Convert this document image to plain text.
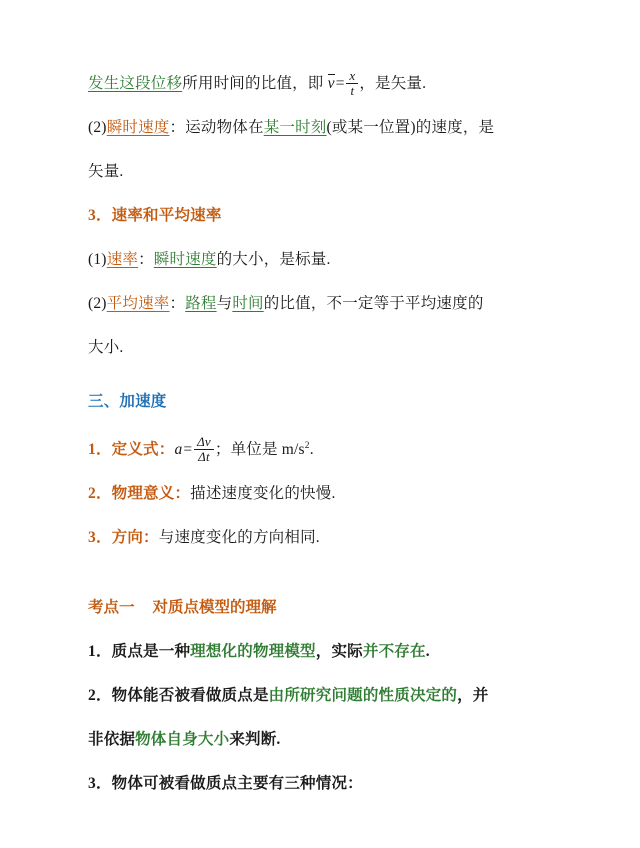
发生这段位移所用时间的比值，即 $v= \frac{x}{t}$ ，是矢量.
(2)瞬时速度：运动物体在某一时刻(或某一位置)的速度，是
矢量.
3．速率和平均速率
(1)速率：瞬时速度的大小，是标量.
(2)平均速率：路程与时间的比值，不一定等于平均速度的
大小.
三、加速度
1．定义式：$a= \frac{\Delta v}{\Delta t}$ ；单位是 $m/s^2$.
2．物理意义：描述速度变化的快慢.
3．方向：与速度变化的方向相同.
考点一 对质点模型的理解
1．质点是一种理想化的物理模型，实际并不存在.
2．物体能否被看做质点是由所研究问题的性质决定的，并
非依据物体自身大小来判断.
3．物体可被看做质点主要有三种情况：
